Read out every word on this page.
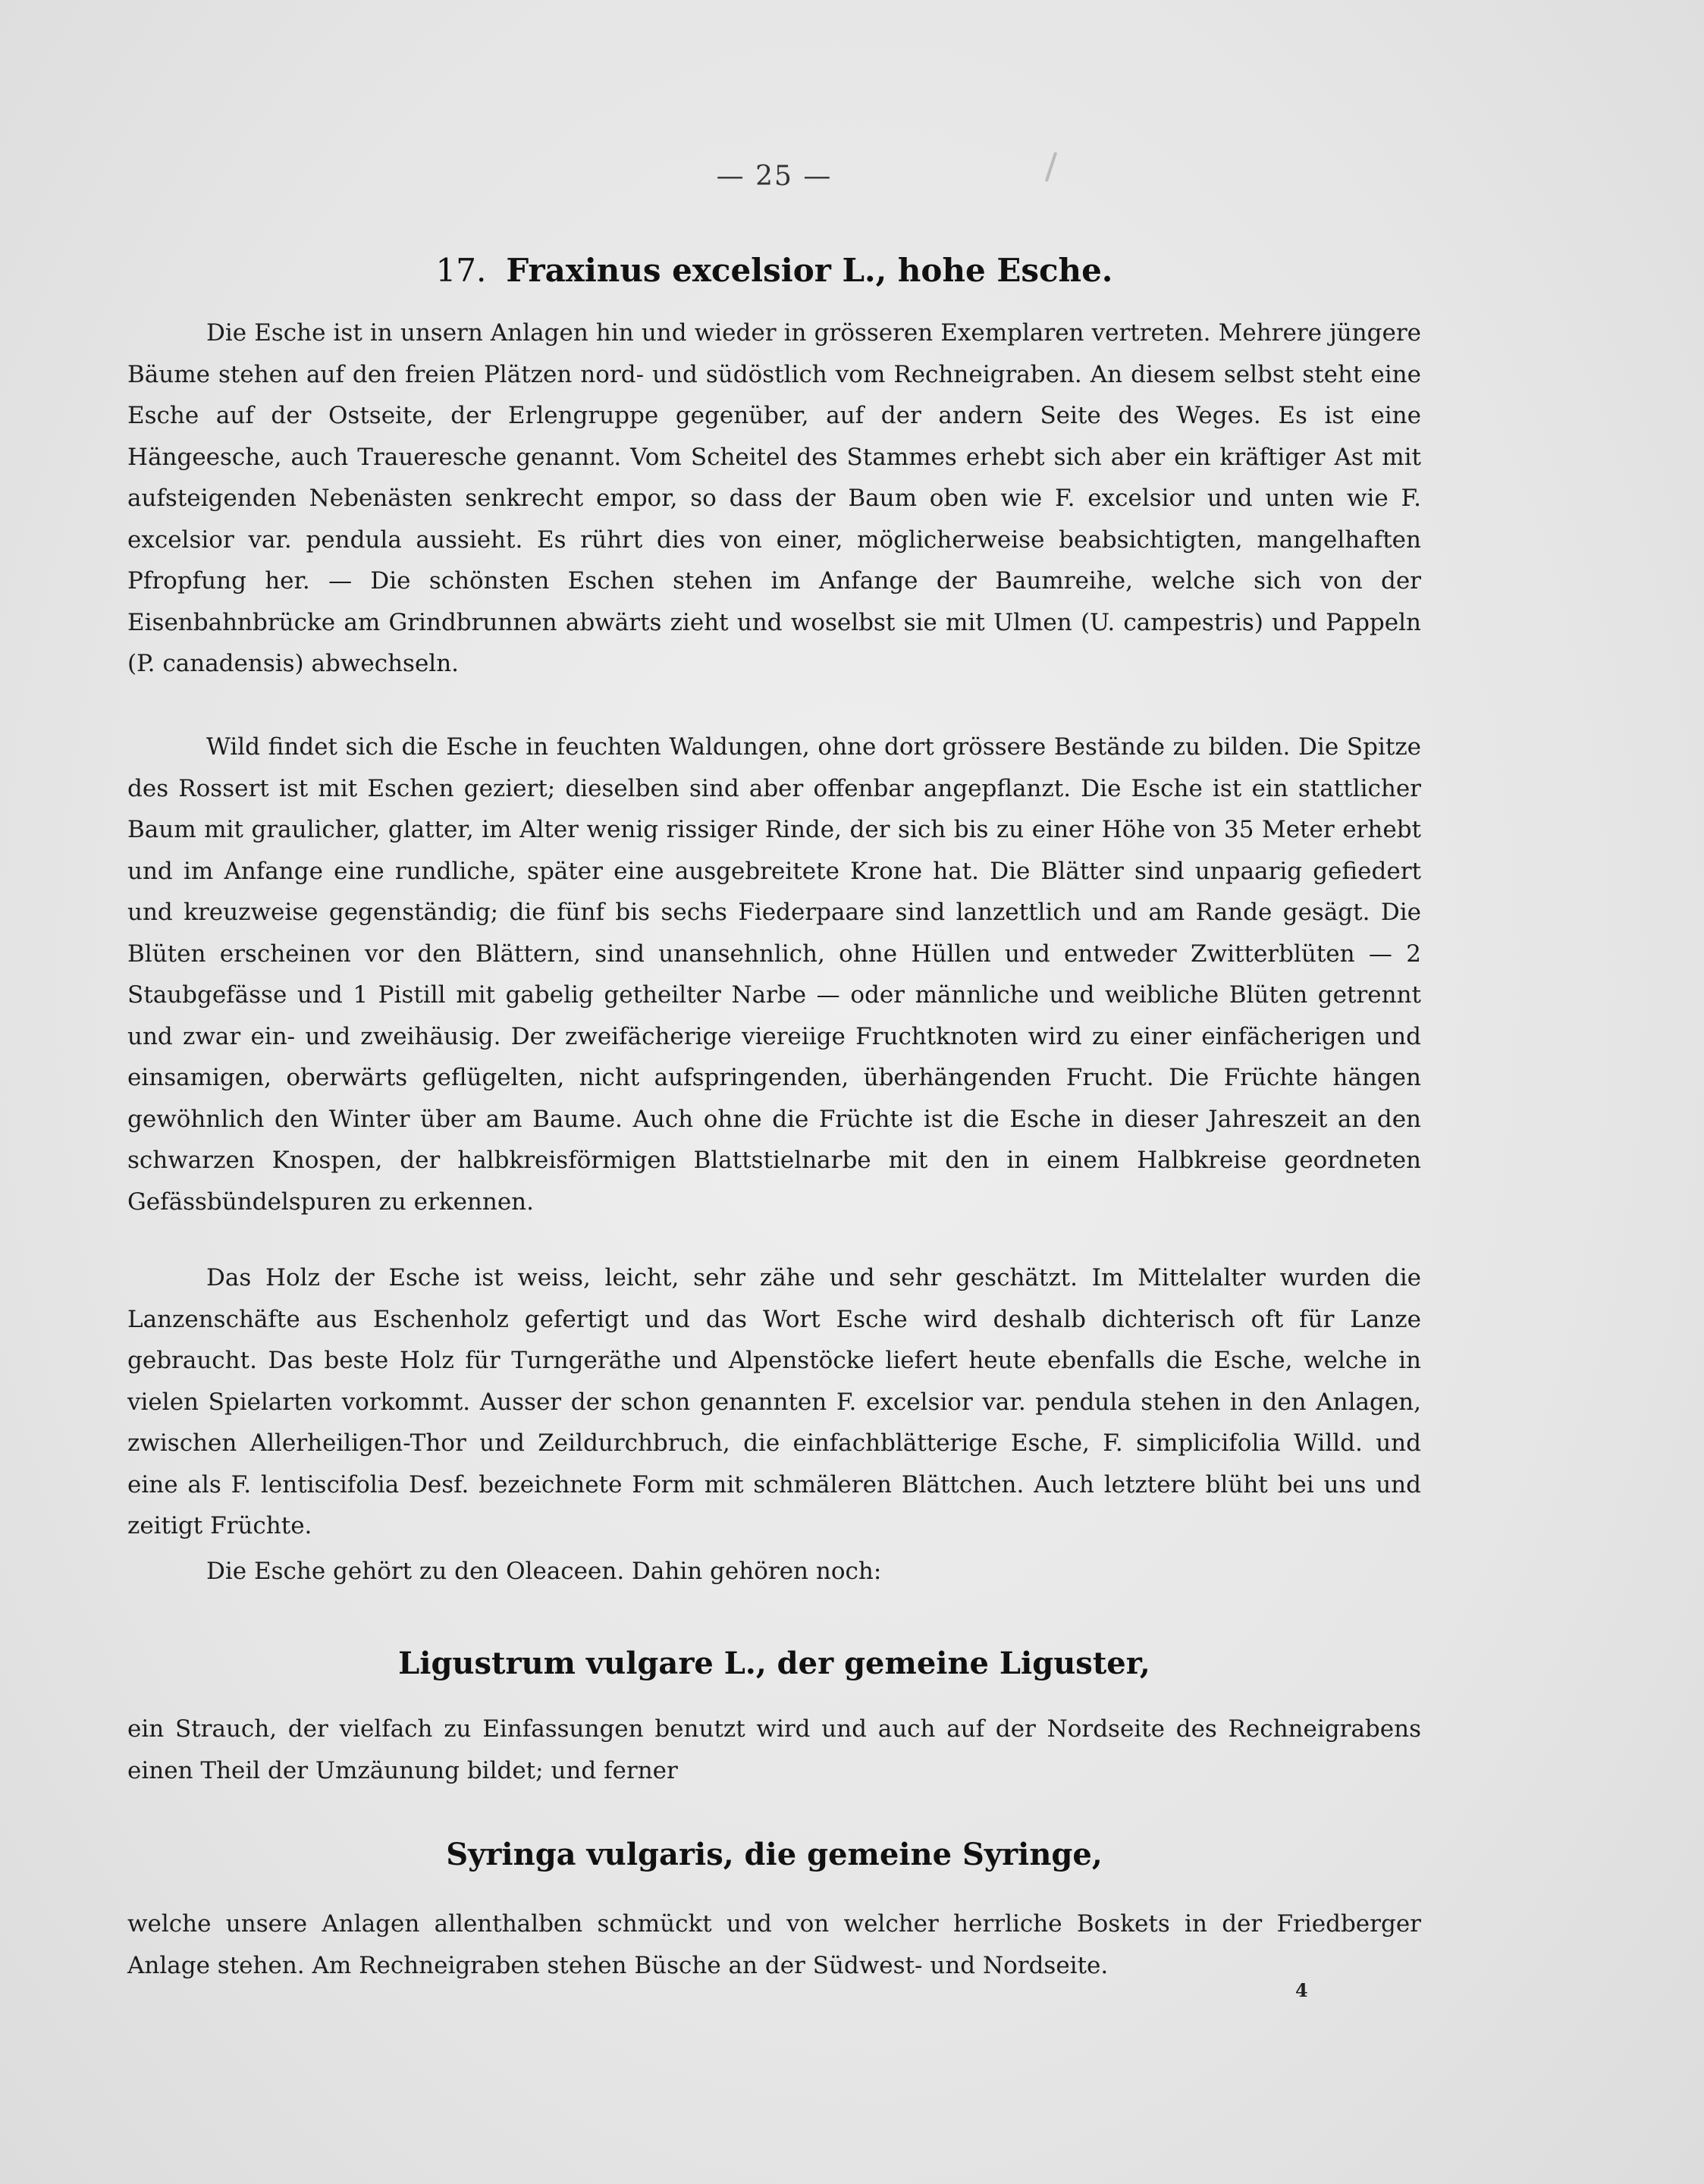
— 25 —
17. Fraxinus excelsior L., hohe Esche.

Die Esche ist in unsern Anlagen hin und wieder in grösseren Exemplaren vertreten. Mehrere jüngere Bäume stehen auf den freien Plätzen nord- und südöstlich vom Rechneigraben. An diesem selbst steht eine Esche auf der Ostseite, der Erlengruppe gegenüber, auf der andern Seite des Weges. Es ist eine Hängeesche, auch Traueresche genannt. Vom Scheitel des Stammes erhebt sich aber ein kräftiger Ast mit aufsteigenden Nebenästen senkrecht empor, so dass der Baum oben wie F. excelsior und unten wie F. excelsior var. pendula aussieht. Es rührt dies von einer, möglicherweise beabsichtigten, mangelhaften Pfropfung her. — Die schönsten Eschen stehen im Anfange der Baumreihe, welche sich von der Eisenbahnbrücke am Grindbrunnen abwärts zieht und woselbst sie mit Ulmen (U. campestris) und Pappeln (P. canadensis) abwechseln.

Wild findet sich die Esche in feuchten Waldungen, ohne dort grössere Bestände zu bilden. Die Spitze des Rossert ist mit Eschen geziert; dieselben sind aber offenbar angepflanzt. Die Esche ist ein stattlicher Baum mit graulicher, glatter, im Alter wenig rissiger Rinde, der sich bis zu einer Höhe von 35 Meter erhebt und im Anfange eine rundliche, später eine ausgebreitete Krone hat. Die Blätter sind unpaarig gefiedert und kreuzweise gegenständig; die fünf bis sechs Fiederpaare sind lanzettlich und am Rande gesägt. Die Blüten erscheinen vor den Blättern, sind unansehnlich, ohne Hüllen und entweder Zwitterblüten — 2 Staubgefässe und 1 Pistill mit gabelig getheilter Narbe — oder männliche und weibliche Blüten getrennt und zwar ein- und zweihäusig. Der zweifächerige viereiige Fruchtknoten wird zu einer einfächerigen und einsamigen, oberwärts geflügelten, nicht aufspringenden, überhängenden Frucht. Die Früchte hängen gewöhnlich den Winter über am Baume. Auch ohne die Früchte ist die Esche in dieser Jahreszeit an den schwarzen Knospen, der halbkreisförmigen Blattstielnarbe mit den in einem Halbkreise geordneten Gefässbündelspuren zu erkennen.

Das Holz der Esche ist weiss, leicht, sehr zähe und sehr geschätzt. Im Mittelalter wurden die Lanzenschäfte aus Eschenholz gefertigt und das Wort Esche wird deshalb dichterisch oft für Lanze gebraucht. Das beste Holz für Turngeräthe und Alpenstöcke liefert heute ebenfalls die Esche, welche in vielen Spielarten vorkommt. Ausser der schon genannten F. excelsior var. pendula stehen in den Anlagen, zwischen Allerheiligen-Thor und Zeildurchbruch, die einfachblätterige Esche, F. simplicifolia Willd. und eine als F. lentiscifolia Desf. bezeichnete Form mit schmäleren Blättchen. Auch letztere blüht bei uns und zeitigt Früchte.

Die Esche gehört zu den Oleaceen. Dahin gehören noch:

Ligustrum vulgare L., der gemeine Liguster,

ein Strauch, der vielfach zu Einfassungen benutzt wird und auch auf der Nordseite des Rechneigrabens einen Theil der Umzäunung bildet; und ferner

Syringa vulgaris, die gemeine Syringe,

welche unsere Anlagen allenthalben schmückt und von welcher herrliche Boskets in der Friedberger Anlage stehen. Am Rechneigraben stehen Büsche an der Südwest- und Nordseite.

4
